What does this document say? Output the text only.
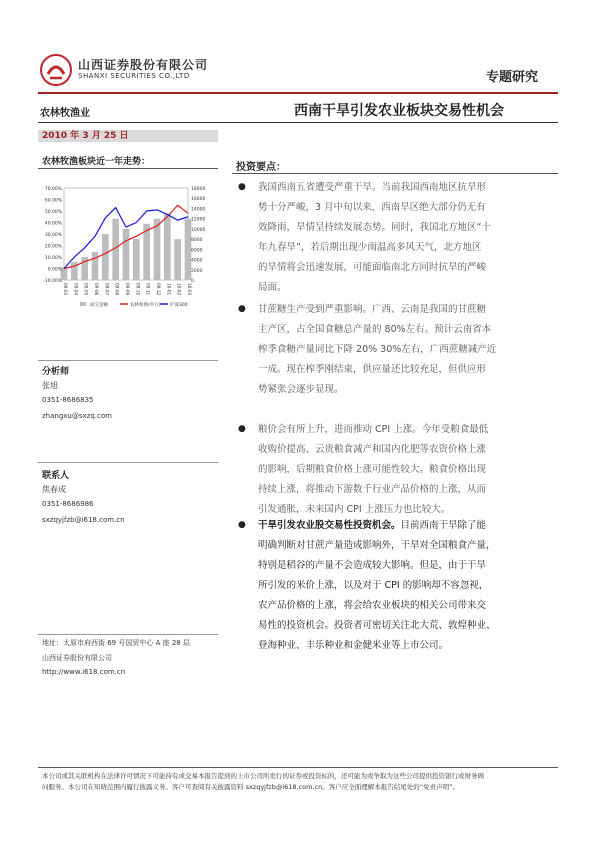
山西证券股份有限公司
SHANXI SECURITIES CO.,LTD	专题研究
农林牧渔业	西南干旱引发农业板块交易性机会
2010 年 3 月 25 日
农林牧渔板块近一年走势：
70.00%
60.00%
50.00%
40.00%
30.00%
20.00%
10.00%
0.00%
-10.00%
18000
16000
14000
12000
10000
8000
6000
4000
2000
0
09-03 09-04 09-05 09-06 09-07 09-08 09-09 09-10 09-11 09-12 10-01 10-02 10-03
成交金额	农林牧渔(申万) 沪深300
分析师
张旭
0351-8686835
zhangxu@sxzq.com
联系人
焦春成
0351-8686986
sxzqyjfzb@i618.com.cn
地址：太原市府西街 69 号国贸中心 A 座 28 层
山西证券股份有限公司
http://www.i618.com.cn
投资要点：
● 我国西南五省遭受严重干旱。当前我国西南地区抗旱形
势十分严峻，3 月中旬以来，西南旱区绝大部分仍无有
效降雨，旱情呈持续发展态势。同时，我国北方地区“十
年九春旱”，若后期出现少雨温高多风天气，北方地区
的旱情将会迅速发展，可能面临南北方同时抗旱的严峻
局面。
● 甘蔗糖生产受到严重影响。广西、云南是我国的甘蔗糖
主产区，占全国食糖总产量的 80%左右。预计云南省本
榨季食糖产量同比下降 20% 30%左右，广西蔗糖减产近
一成。现在榨季刚结束，供应量还比较充足，但供应形
势紧张会逐步显现。
● 粮价会有所上升，进而推动 CPI 上涨。今年受粮食最低
收购价提高、云贵粮食减产和国内化肥等农资价格上涨
的影响，后期粮食价格上涨可能性较大。粮食价格出现
持续上涨，将推动下游数千行业产品价格的上涨，从而
引发通胀，未来国内 CPI 上涨压力也比较大。
● 干旱引发农业股交易性投资机会。目前西南干旱除了能
明确判断对甘蔗产量造成影响外，干旱对全国粮食产量，
特别是稻谷的产量不会造成较大影响。但是，由于干旱
所引发的米价上涨，以及对于 CPI 的影响却不容忽视，
农产品价格的上涨，将会给农业板块的相关公司带来交
易性的投资机会。投资者可密切关注北大荒、敦煌种业、
登海种业、丰乐种业和金健米业等上市公司。
本公司或其关联机构在法律许可情况下可能持有或交易本报告提到的上市公司所发行的证券或投资标的，还可能为或争取为这些公司提供投资银行或财务顾
问服务。本公司在知晓范围内履行披露义务。客户可查阅有关披露资料 sxzqyjfzb@i618.com.cn。客户应全面理解本报告结尾处的“免责声明”。
